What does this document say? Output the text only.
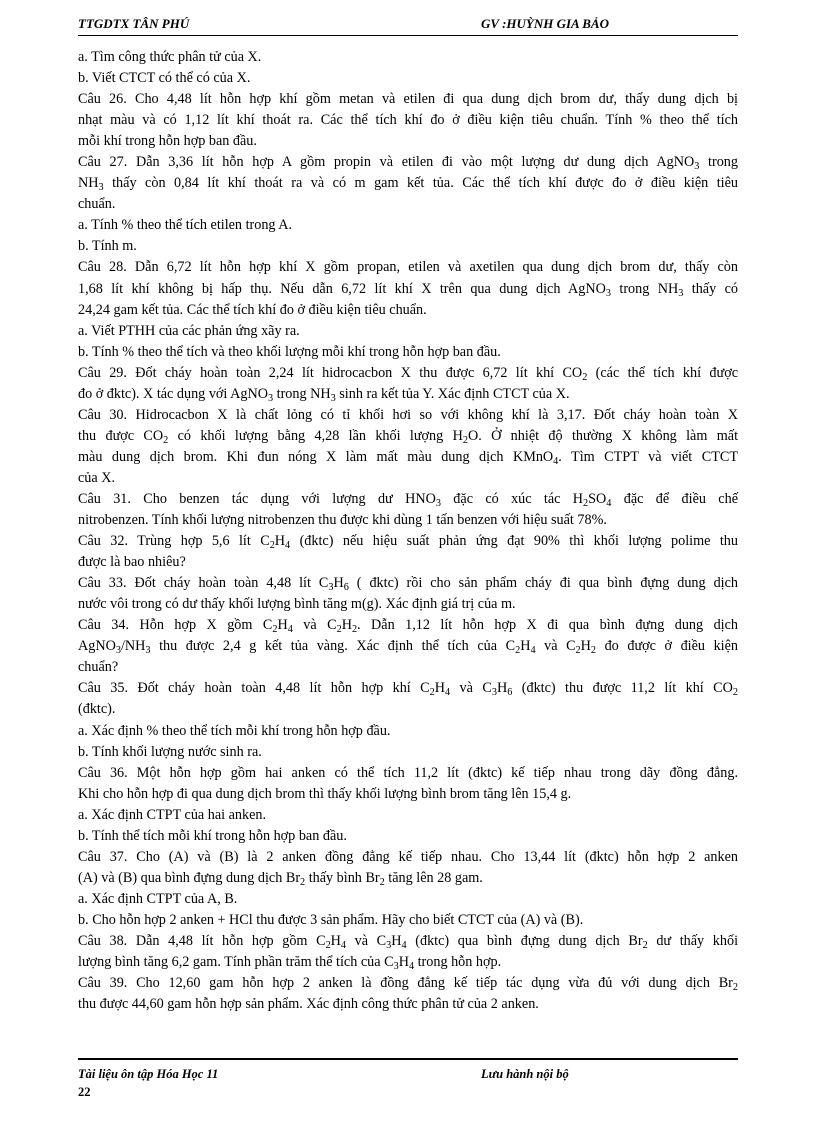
TTGDTX TÂN PHÚ	GV :HUỲNH GIA BẢO
a. Tìm công thức phân tử của X.
b. Viết CTCT có thể có của X.
Câu 26. Cho 4,48 lít hỗn hợp khí gồm metan và etilen đi qua dung dịch brom dư, thấy dung dịch bị
nhạt màu và có 1,12 lít khí thoát ra. Các thể tích khí đo ở điều kiện tiêu chuẩn. Tính % theo thể tích
mỗi khí trong hỗn hợp ban đầu.
Câu 27. Dẫn 3,36 lít hỗn hợp A gồm propin và etilen đi vào một lượng dư dung dịch AgNO$_3$ trong
$NH_3$ thấy còn 0,84 lít khí thoát ra và có m gam kết tủa. Các thể tích khí được đo ở điều kiện tiêu
chuẩn.
a. Tính % theo thể tích etilen trong A.
b. Tính m.
Câu 28. Dẫn 6,72 lít hỗn hợp khí X gồm propan, etilen và axetilen qua dung dịch brom dư, thấy còn
1,68 lít khí không bị hấp thụ. Nếu dẫn 6,72 lít khí X trên qua dung dịch AgNO$_3$ trong $NH_3$ thấy có
24,24 gam kết tủa. Các thể tích khí đo ở điều kiện tiêu chuẩn.
a. Viết PTHH của các phản ứng xãy ra.
b. Tính % theo thể tích và theo khối lượng mỗi khí trong hỗn hợp ban đầu.
Câu 29. Đốt cháy hoàn toàn 2,24 lít hidrocacbon X thu được 6,72 lít khí $CO_2$ (các thể tích khí được
đo ở đktc). X tác dụng với AgNO$_3$ trong $NH_3$ sinh ra kết tủa Y. Xác định CTCT của X.
Câu 30. Hidrocacbon X là chất lỏng có tỉ khối hơi so với không khí là 3,17. Đốt cháy hoàn toàn X
thu được $CO_2$ có khối lượng bằng 4,28 lần khối lượng $H_2O$. Ở nhiệt độ thường X không làm mất
màu dung dịch brom. Khi đun nóng X làm mất màu dung dịch KMnO$_4$. Tìm CTPT và viết CTCT
của X.
Câu 31. Cho benzen tác dụng với lượng dư $HNO_3$ đặc có xúc tác $H_2SO_4$ đặc để điều chế
nitrobenzen. Tính khối lượng nitrobenzen thu được khi dùng 1 tấn benzen với hiệu suất 78%.
Câu 32. Trùng hợp 5,6 lít $C_2H_4$ (đktc) nếu hiệu suất phản ứng đạt 90% thì khối lượng polime thu
được là bao nhiêu?
Câu 33. Đốt cháy hoàn toàn 4,48 lít $C_3H_6$ ( đktc) rồi cho sản phẩm cháy đi qua bình đựng dung dịch
nước vôi trong có dư thấy khối lượng bình tăng m(g). Xác định giá trị của m.
Câu 34. Hỗn hợp X gồm $C_2H_4$ và $C_2H_2$. Dẫn 1,12 lít hỗn hợp X đi qua bình đựng dung dịch
$AgNO_3/NH_3$ thu được 2,4 g kết tủa vàng. Xác định thể tích của $C_2H_4$ và $C_2H_2$ đo được ở điều kiện
chuẩn?
Câu 35. Đốt cháy hoàn toàn 4,48 lít hỗn hợp khí $C_2H_4$ và $C_3H_6$ (đktc) thu được 11,2 lít khí $CO_2$
(đktc).
a. Xác định % theo thể tích mỗi khí trong hỗn hợp đầu.
b. Tính khối lượng nước sinh ra.
Câu 36. Một hỗn hợp gồm hai anken có thể tích 11,2 lít (đktc) kế tiếp nhau trong dãy đồng đẳng.
Khi cho hỗn hợp đi qua dung dịch brom thì thấy khối lượng bình brom tăng lên 15,4 g.
a. Xác định CTPT của hai anken.
b. Tính thể tích mỗi khí trong hỗn hợp ban đầu.
Câu 37. Cho (A) và (B) là 2 anken đồng đẳng kế tiếp nhau. Cho 13,44 lít (đktc) hỗn hợp 2 anken
(A) và (B) qua bình đựng dung dịch $Br_2$ thấy bình $Br_2$ tăng lên 28 gam.
a. Xác định CTPT của A, B.
b. Cho hỗn hợp 2 anken + HCl thu được 3 sản phẩm. Hãy cho biết CTCT của (A) và (B).
Câu 38. Dẫn 4,48 lít hỗn hợp gồm $C_2H_4$ và $C_3H_4$ (đktc) qua bình đựng dung dịch $Br_2$ dư thấy khối
lượng bình tăng 6,2 gam. Tính phần trăm thể tích của $C_3H_4$ trong hỗn hợp.
Câu 39. Cho 12,60 gam hỗn hợp 2 anken là đồng đẳng kế tiếp tác dụng vừa đủ với dung dịch $Br_2$
thu được 44,60 gam hỗn hợp sản phẩm. Xác định công thức phân tử của 2 anken.
Tài liệu ôn tập Hóa Học 11	Lưu hành nội bộ
22
